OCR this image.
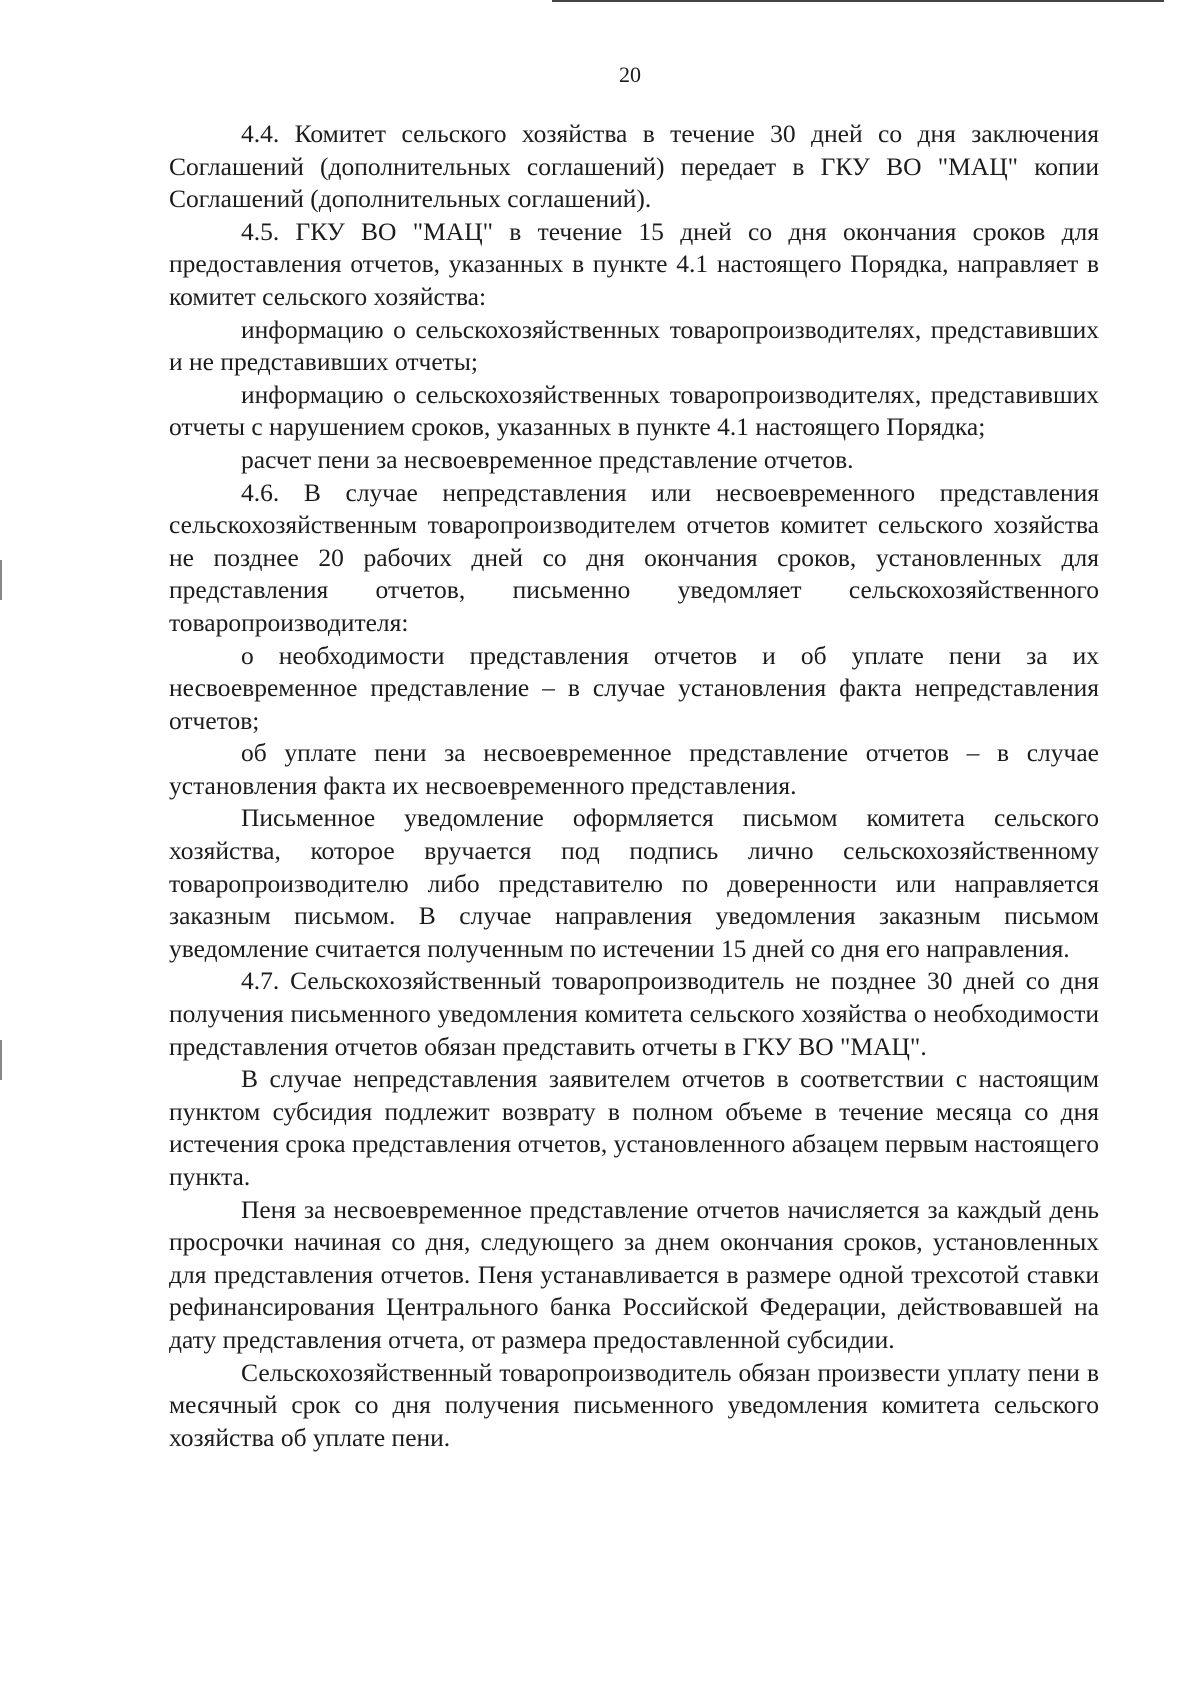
20

4.4. Комитет сельского хозяйства в течение 30 дней со дня заключения Соглашений (дополнительных соглашений) передает в ГКУ ВО "МАЦ" копии Соглашений (дополнительных соглашений).

4.5. ГКУ ВО "МАЦ" в течение 15 дней со дня окончания сроков для предоставления отчетов, указанных в пункте 4.1 настоящего Порядка, направляет в комитет сельского хозяйства:

информацию о сельскохозяйственных товаропроизводителях, представивших и не представивших отчеты;

информацию о сельскохозяйственных товаропроизводителях, представивших отчеты с нарушением сроков, указанных в пункте 4.1 настоящего Порядка;

расчет пени за несвоевременное представление отчетов.

4.6. В случае непредставления или несвоевременного представления сельскохозяйственным товаропроизводителем отчетов комитет сельского хозяйства не позднее 20 рабочих дней со дня окончания сроков, установленных для представления отчетов, письменно уведомляет сельскохозяйственного товаропроизводителя:

о необходимости представления отчетов и об уплате пени за их несвоевременное представление – в случае установления факта непредставления отчетов;

об уплате пени за несвоевременное представление отчетов – в случае установления факта их несвоевременного представления.

Письменное уведомление оформляется письмом комитета сельского хозяйства, которое вручается под подпись лично сельскохозяйственному товаропроизводителю либо представителю по доверенности или направляется заказным письмом. В случае направления уведомления заказным письмом уведомление считается полученным по истечении 15 дней со дня его направления.

4.7. Сельскохозяйственный товаропроизводитель не позднее 30 дней со дня получения письменного уведомления комитета сельского хозяйства о необходимости представления отчетов обязан представить отчеты в ГКУ ВО "МАЦ".

В случае непредставления заявителем отчетов в соответствии с настоящим пунктом субсидия подлежит возврату в полном объеме в течение месяца со дня истечения срока представления отчетов, установленного абзацем первым настоящего пункта.

Пеня за несвоевременное представление отчетов начисляется за каждый день просрочки начиная со дня, следующего за днем окончания сроков, установленных для представления отчетов. Пеня устанавливается в размере одной трехсотой ставки рефинансирования Центрального банка Российской Федерации, действовавшей на дату представления отчета, от размера предоставленной субсидии.

Сельскохозяйственный товаропроизводитель обязан произвести уплату пени в месячный срок со дня получения письменного уведомления комитета сельского хозяйства об уплате пени.
